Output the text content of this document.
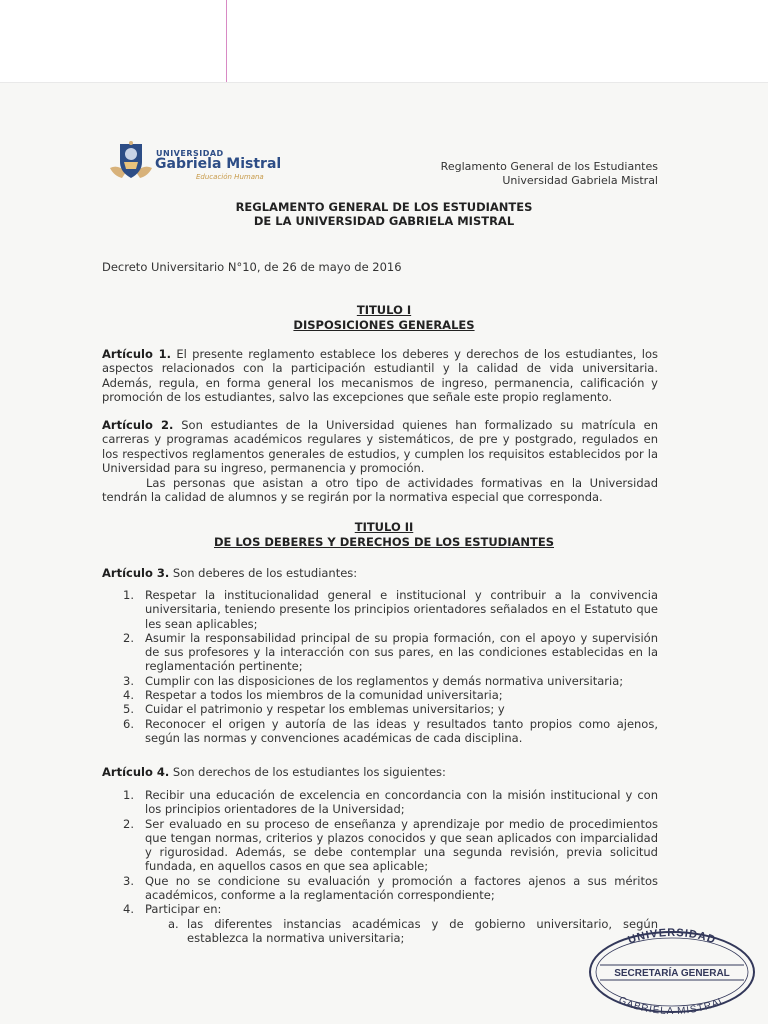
UNIVERSIDAD
Gabriela Mistral
Educación Humana
Reglamento General de los Estudiantes
Universidad Gabriela Mistral
REGLAMENTO GENERAL DE LOS ESTUDIANTES
DE LA UNIVERSIDAD GABRIELA MISTRAL
Decreto Universitario N°10, de 26 de mayo de 2016
TITULO I
DISPOSICIONES GENERALES
Artículo 1. El presente reglamento establece los deberes y derechos de los estudiantes, los aspectos relacionados con la participación estudiantil y la calidad de vida universitaria. Además, regula, en forma general los mecanismos de ingreso, permanencia, calificación y promoción de los estudiantes, salvo las excepciones que señale este propio reglamento.
Artículo 2. Son estudiantes de la Universidad quienes han formalizado su matrícula en carreras y programas académicos regulares y sistemáticos, de pre y postgrado, regulados en los respectivos reglamentos generales de estudios, y cumplen los requisitos establecidos por la Universidad para su ingreso, permanencia y promoción.
Las personas que asistan a otro tipo de actividades formativas en la Universidad tendrán la calidad de alumnos y se regirán por la normativa especial que corresponda.
TITULO II
DE LOS DEBERES Y DERECHOS DE LOS ESTUDIANTES
Artículo 3. Son deberes de los estudiantes:
1. Respetar la institucionalidad general e institucional y contribuir a la convivencia universitaria, teniendo presente los principios orientadores señalados en el Estatuto que les sean aplicables;
2. Asumir la responsabilidad principal de su propia formación, con el apoyo y supervisión de sus profesores y la interacción con sus pares, en las condiciones establecidas en la reglamentación pertinente;
3. Cumplir con las disposiciones de los reglamentos y demás normativa universitaria;
4. Respetar a todos los miembros de la comunidad universitaria;
5. Cuidar el patrimonio y respetar los emblemas universitarios; y
6. Reconocer el origen y autoría de las ideas y resultados tanto propios como ajenos, según las normas y convenciones académicas de cada disciplina.
Artículo 4. Son derechos de los estudiantes los siguientes:
1. Recibir una educación de excelencia en concordancia con la misión institucional y con los principios orientadores de la Universidad;
2. Ser evaluado en su proceso de enseñanza y aprendizaje por medio de procedimientos que tengan normas, criterios y plazos conocidos y que sean aplicados con imparcialidad y rigurosidad. Además, se debe contemplar una segunda revisión, previa solicitud fundada, en aquellos casos en que sea aplicable;
3. Que no se condicione su evaluación y promoción a factores ajenos a sus méritos académicos, conforme a la reglamentación correspondiente;
4. Participar en:
a. las diferentes instancias académicas y de gobierno universitario, según establezca la normativa universitaria;	UNIVERSIDAD
SECRETARÍA GENERAL
GABRIELA MISTRAL
